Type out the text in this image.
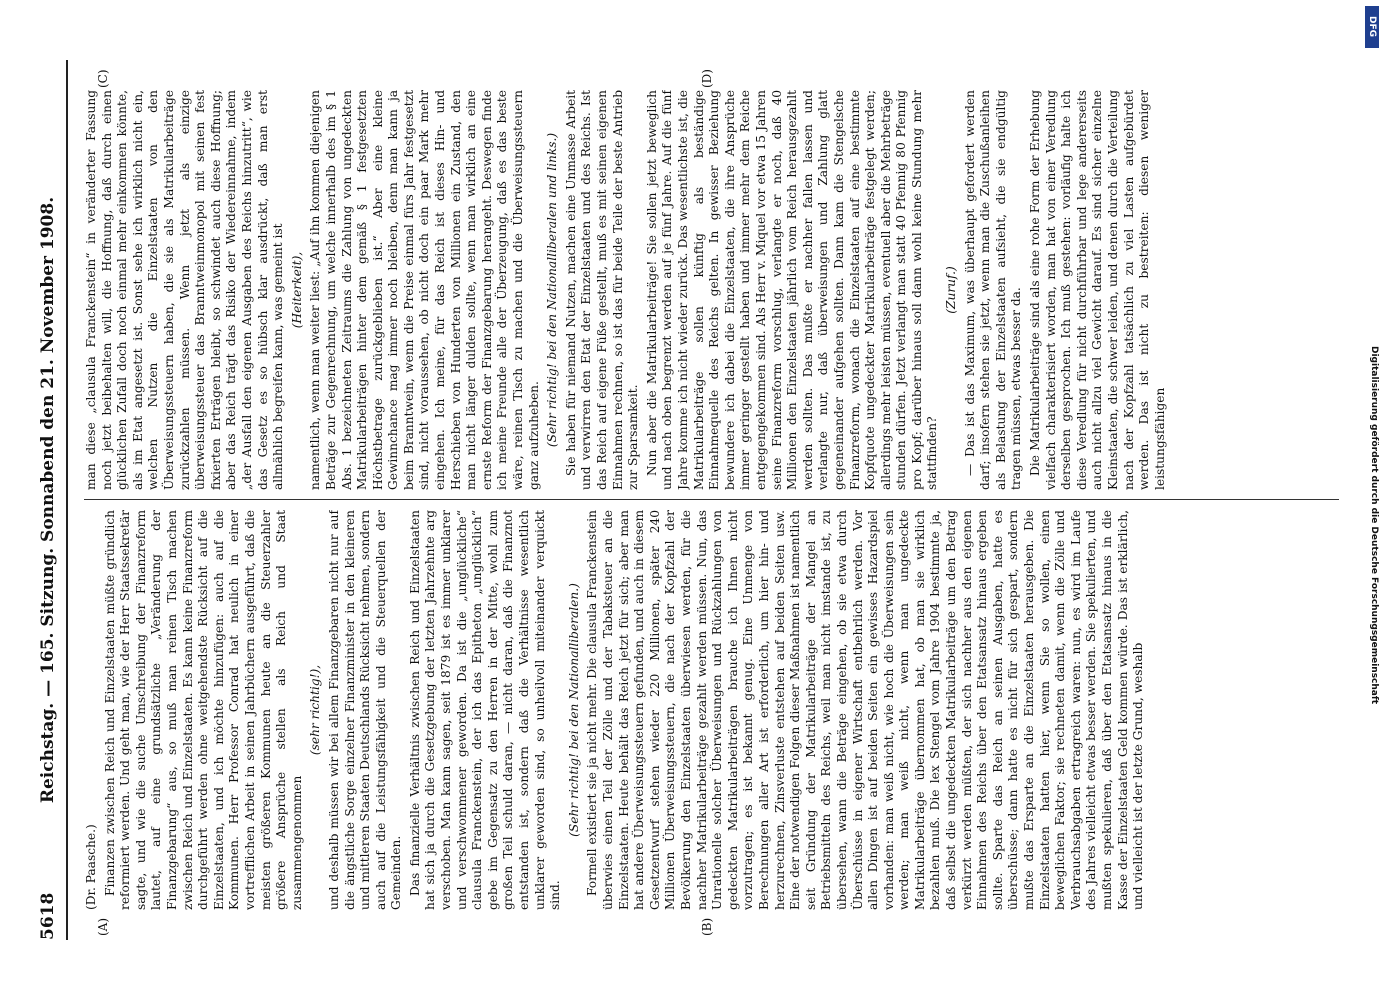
5618
Reichstag. — 165. Sitzung. Sonnabend den 21. November 1908.
(A)	(B)
(C)	(D)

(Dr. Paasche.) Finanzen zwischen Reich und Einzelstaaten müßte gründlich reformiert werden. Und geht man, wie der Herr Staatssekretär sagte, und wie die suche Umschreibung der Finanzreform lautet, auf eine grundsätzliche „Veränderung der Finanzgebarung“ aus, so muß man reinen Tisch machen zwischen Reich und Einzelstaaten. Es kann keine Finanzreform durchgeführt werden ohne weitgehendste Rücksicht auf die Einzelstaaten, und ich möchte hinzufügen: auch auf die Kommunen. Herr Professor Conrad hat neulich in einer vortrefflichen Arbeit in seinen Jahrbüchern ausgeführt, daß die meisten größeren Kommunen heute an die Steuerzahler größere Ansprüche stellen als Reich und Staat zusammengenommen

(sehr richtig!), und deshalb müssen wir bei allem Finanzgebaren nicht nur auf die ängstliche Sorge einzelner Finanzminister in den kleineren und mittleren Staaten Deutschlands Rücksicht nehmen, sondern auch auf die Leistungsfähigkeit und die Steuerquellen der Gemeinden. Das finanzielle Verhältnis zwischen Reich und Einzelstaaten hat sich ja durch die Gesetzgebung der letzten Jahrzehnte arg verschoben. Man kann sagen, seit 1879 ist es immer unklarer und verschwommener geworden. Da ist die „unglückliche“ clausula Franckenstein, der ich das Epitheton „unglücklich“ gebe im Gegensatz zu den Herren in der Mitte, wohl zum großen Teil schuld daran, — nicht daran, daß die Finanznot entstanden ist, sondern daß die Verhältnisse wesentlich unklarer geworden sind, so unheilvoll miteinander verquickt sind.

(Sehr richtig! bei den Nationalliberalen.) Formell existiert sie ja nicht mehr. Die clausula Franckenstein überwies einen Teil der Zölle und der Tabaksteuer an die Einzelstaaten. Heute behält das Reich jetzt für sich; aber man hat andere Überweisungssteuern gefunden, und auch in diesem Gesetzentwurf stehen wieder 220 Millionen, später 240 Millionen Überweisungssteuern, die nach der Kopfzahl der Bevölkerung den Einzelstaaten überwiesen werden, für die nachher Matrikularbeiträge gezahlt werden müssen. Nun, das Unrationelle solcher Überweisungen und Rückzahlungen von gedeckten Matrikularbeiträgen brauche ich Ihnen nicht vorzutragen; es ist bekannt genug. Eine Unmenge von Berechnungen aller Art ist erforderlich, um hier hin- und herzurechnen, Zinsverluste entstehen auf beiden Seiten usw. Eine der notwendigen Folgen dieser Maßnahmen ist namentlich seit Gründung der Matrikularbeiträge der Mangel an Betriebsmitteln des Reichs, weil man nicht imstande ist, zu übersehen, wann die Beträge eingehen, ob sie etwa durch Überschüsse in eigener Wirtschaft entbehrlich werden. Vor allen Dingen ist auf beiden Seiten ein gewisses Hazardspiel vorhanden: man weiß nicht, wie hoch die Überweisungen sein werden; man weiß nicht, wenn man ungedeckte Matrikularbeiträge übernommen hat, ob man sie wirklich bezahlen muß. Die lex Stengel vom Jahre 1904 bestimmte ja, daß selbst die ungedeckten Matrikularbeiträge um den Betrag verkürzt werden müßten, der sich nachher aus den eigenen Einnahmen des Reichs über den Etatsansatz hinaus ergeben sollte. Sparte das Reich an seinen Ausgaben, hatte es überschüsse; dann hatte es nicht für sich gespart, sondern mußte das Ersparte an die Einzelstaaten herausgeben. Die Einzelstaaten hatten hier, wenn Sie so wollen, einen beweglichen Faktor; sie rechneten damit, wenn die Zölle und Verbrauchsabgaben ertragreich waren: nun, es wird im Laufe des Jahres vielleicht etwas besser werden. Sie spekulierten, und mußten spekulieren, daß über den Etatsansatz hinaus in die Kasse der Einzelstaaten Geld kommen würde. Das ist erklärlich, und vielleicht ist der letzte Grund, weshalb

man diese „clausula Franckenstein“ in veränderter Fassung noch jetzt beibehalten will, die Hoffnung, daß durch einen glücklichen Zufall doch noch einmal mehr einkommen könnte, als im Etat angesetzt ist. Sonst sehe ich wirklich nicht ein, welchen Nutzen die Einzelstaaten von den Überweisungssteuern haben, die sie als Matrikularbeiträge zurückzahlen müssen. Wenn jetzt als einzige überweisungssteuer das Branntweinmonopol mit seinen fest fixierten Erträgen bleibt, so schwindet auch diese Hoffnung; aber das Reich trägt das Risiko der Wiedereinnahme, indem „der Ausfall den eigenen Ausgaben des Reichs hinzutritt“, wie das Gesetz es so hübsch klar ausdrückt, daß man erst allmählich begreifen kann, was gemeint ist (Heiterkeit), namentlich, wenn man weiter liest: „Auf ihn kommen diejenigen Beträge zur Gegenrechnung, um welche innerhalb des im § 1 Abs. 1 bezeichneten Zeitraums die Zahlung von ungedeckten Matrikularbeiträgen hinter dem gemäß § 1 festgesetzten Höchstbetrage zurückgeblieben ist.“ Aber eine kleine Gewinnchance mag immer noch bleiben, denn man kann ja beim Branntwein, wenn die Preise einmal fürs Jahr festgesetzt sind, nicht voraussehen, ob nicht doch ein paar Mark mehr eingehen. Ich meine, für das Reich ist dieses Hin- und Herschieben von Hunderten von Millionen ein Zustand, den man nicht länger dulden sollte, wenn man wirklich an eine ernste Reform der Finanzgebarung herangeht. Deswegen finde ich meine Freunde alle der Überzeugung, daß es das beste wäre, reinen Tisch zu machen und die Überweisungssteuern ganz aufzuheben. (Sehr richtig! bei den Nationalliberalen und links.) Sie haben für niemand Nutzen, machen eine Unmasse Arbeit und verwirren den Etat der Einzelstaaten und des Reichs. Ist das Reich auf eigene Füße gestellt, muß es mit seinen eigenen Einnahmen rechnen, so ist das für beide Teile der beste Antrieb zur Sparsamkeit. Nun aber die Matrikularbeiträge! Sie sollen jetzt beweglich und nach oben begrenzt werden auf je fünf Jahre. Auf die fünf Jahre komme ich nicht wieder zurück. Das wesentlichste ist, die Matrikularbeiträge sollen künftig als beständige Einnahmequelle des Reichs gelten. In gewisser Beziehung bewundere ich dabei die Einzelstaaten, die ihre Ansprüche immer geringer gestellt haben und immer mehr dem Reiche entgegengekommen sind. Als Herr v. Miquel vor etwa 15 Jahren seine Finanzreform vorschlug, verlangte er noch, daß 40 Millionen den Einzelstaaten jährlich vom Reich herausgezahlt werden sollten. Das mußte er nachher fallen lassen und verlangte nur, daß überweisungen und Zahlung glatt gegeneinander aufgehen sollten. Dann kam die Stengelsche Finanzreform, wonach die Einzelstaaten auf eine bestimmte Kopfquote ungedeckter Matrikularbeiträge festgelegt werden; allerdings mehr leisten müssen, eventuell aber die Mehrbeträge stunden dürfen. Jetzt verlangt man statt 40 Pfennig 80 Pfennig pro Kopf; darüber hinaus soll dann wohl keine Stundung mehr stattfinden?

(Zuruf.) — Das ist das Maximum, was überhaupt gefordert werden darf; insofern stehen sie jetzt, wenn man die Zuschußanleihen als Belastung der Einzelstaaten aufsieht, die sie endgültig tragen müssen, etwas besser da. Die Matrikularbeiträge sind als eine rohe Form der Erhebung vielfach charakterisiert worden, man hat von einer Veredlung derselben gesprochen. Ich muß gestehen: vorläufig halte ich diese Veredlung für nicht durchführbar und lege andererseits auch nicht allzu viel Gewicht darauf. Es sind sicher einzelne Kleinstaaten, die schwer leiden, und denen durch die Verteilung nach der Kopfzahl tatsächlich zu viel Lasten aufgebürdet werden. Das ist nicht zu bestreiten: diesen weniger leistungsfähigen

DFG
Digitalisierung gefördert durch die Deutsche Forschungsgemeinschaft
